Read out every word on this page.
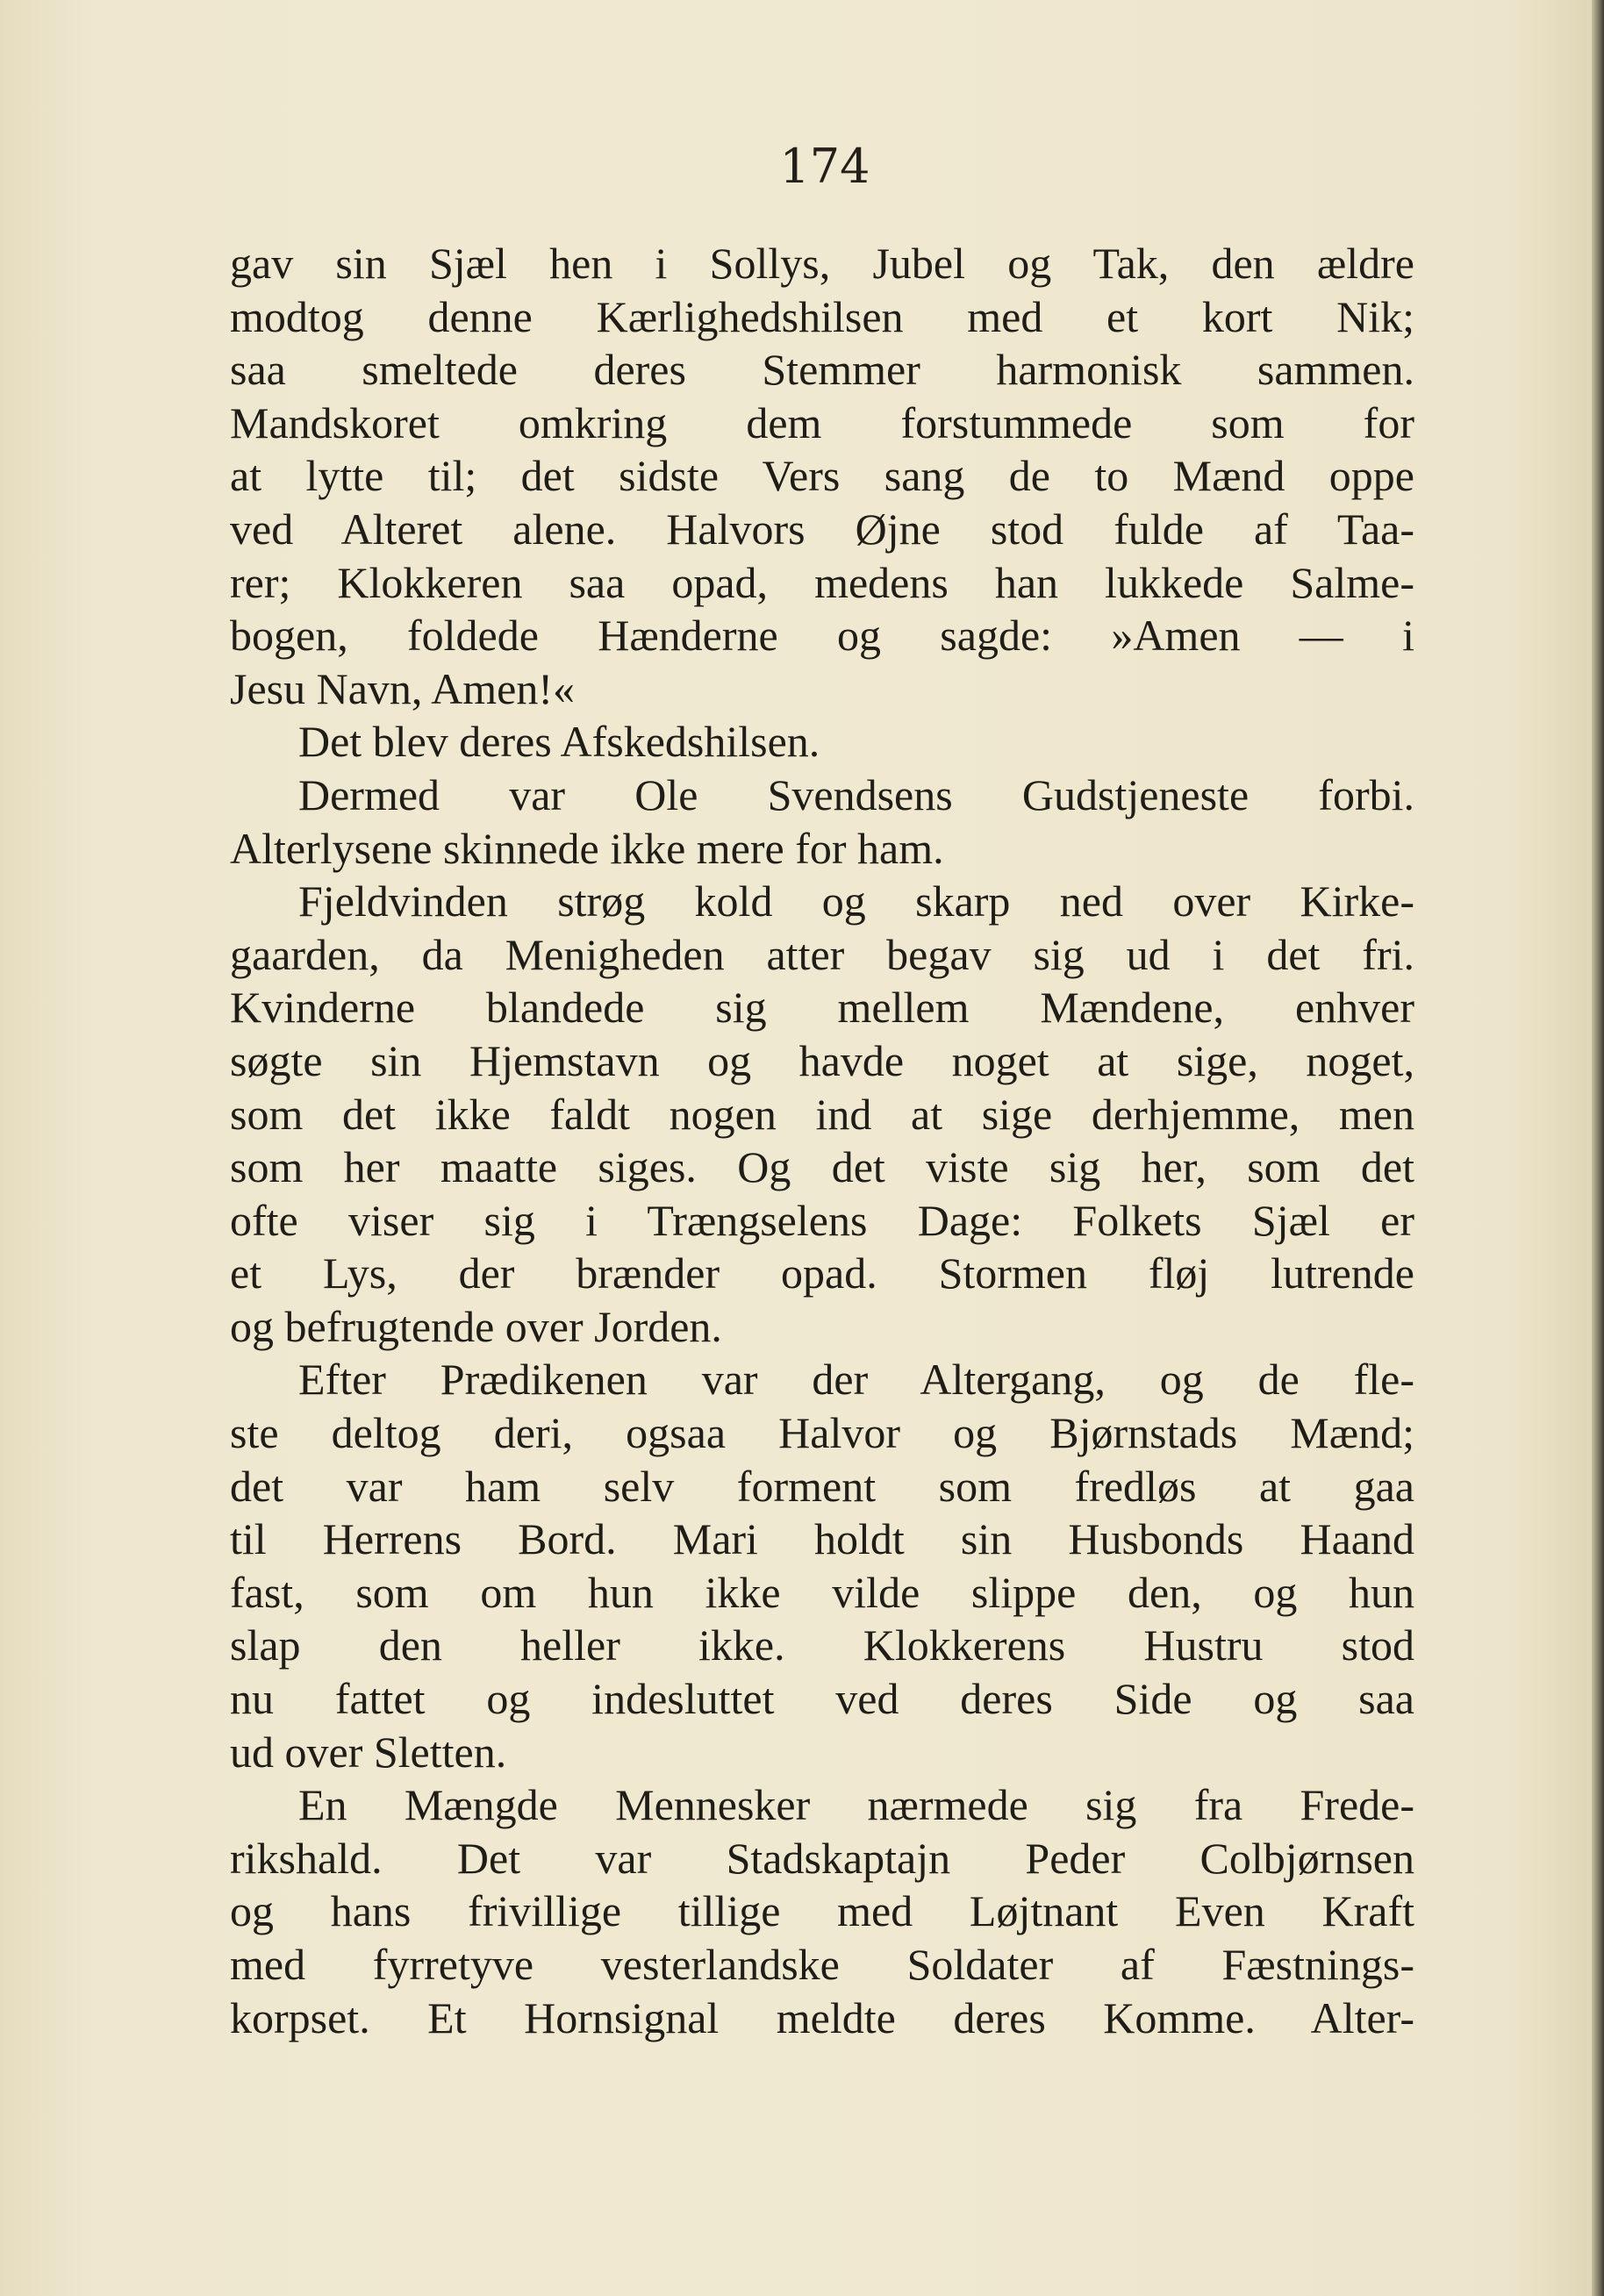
174
gav sin Sjæl hen i Sollys, Jubel og Tak, den ældre
modtog denne Kærlighedshilsen med et kort Nik;
saa smeltede deres Stemmer harmonisk sammen.
Mandskoret omkring dem forstummede som for
at lytte til; det sidste Vers sang de to Mænd oppe
ved Alteret alene. Halvors Øjne stod fulde af Taa-
rer; Klokkeren saa opad, medens han lukkede Salme-
bogen, foldede Hænderne og sagde: »Amen — i
Jesu Navn, Amen!«
Det blev deres Afskedshilsen.
Dermed var Ole Svendsens Gudstjeneste forbi.
Alterlysene skinnede ikke mere for ham.
Fjeldvinden strøg kold og skarp ned over Kirke-
gaarden, da Menigheden atter begav sig ud i det fri.
Kvinderne blandede sig mellem Mændene, enhver
søgte sin Hjemstavn og havde noget at sige, noget,
som det ikke faldt nogen ind at sige derhjemme, men
som her maatte siges. Og det viste sig her, som det
ofte viser sig i Trængselens Dage: Folkets Sjæl er
et Lys, der brænder opad. Stormen fløj lutrende
og befrugtende over Jorden.
Efter Prædikenen var der Altergang, og de fle-
ste deltog deri, ogsaa Halvor og Bjørnstads Mænd;
det var ham selv forment som fredløs at gaa
til Herrens Bord. Mari holdt sin Husbonds Haand
fast, som om hun ikke vilde slippe den, og hun
slap den heller ikke. Klokkerens Hustru stod
nu fattet og indesluttet ved deres Side og saa
ud over Sletten.
En Mængde Mennesker nærmede sig fra Frede-
rikshald. Det var Stadskaptajn Peder Colbjørnsen
og hans frivillige tillige med Løjtnant Even Kraft
med fyrretyve vesterlandske Soldater af Fæstnings-
korpset. Et Hornsignal meldte deres Komme. Alter-
